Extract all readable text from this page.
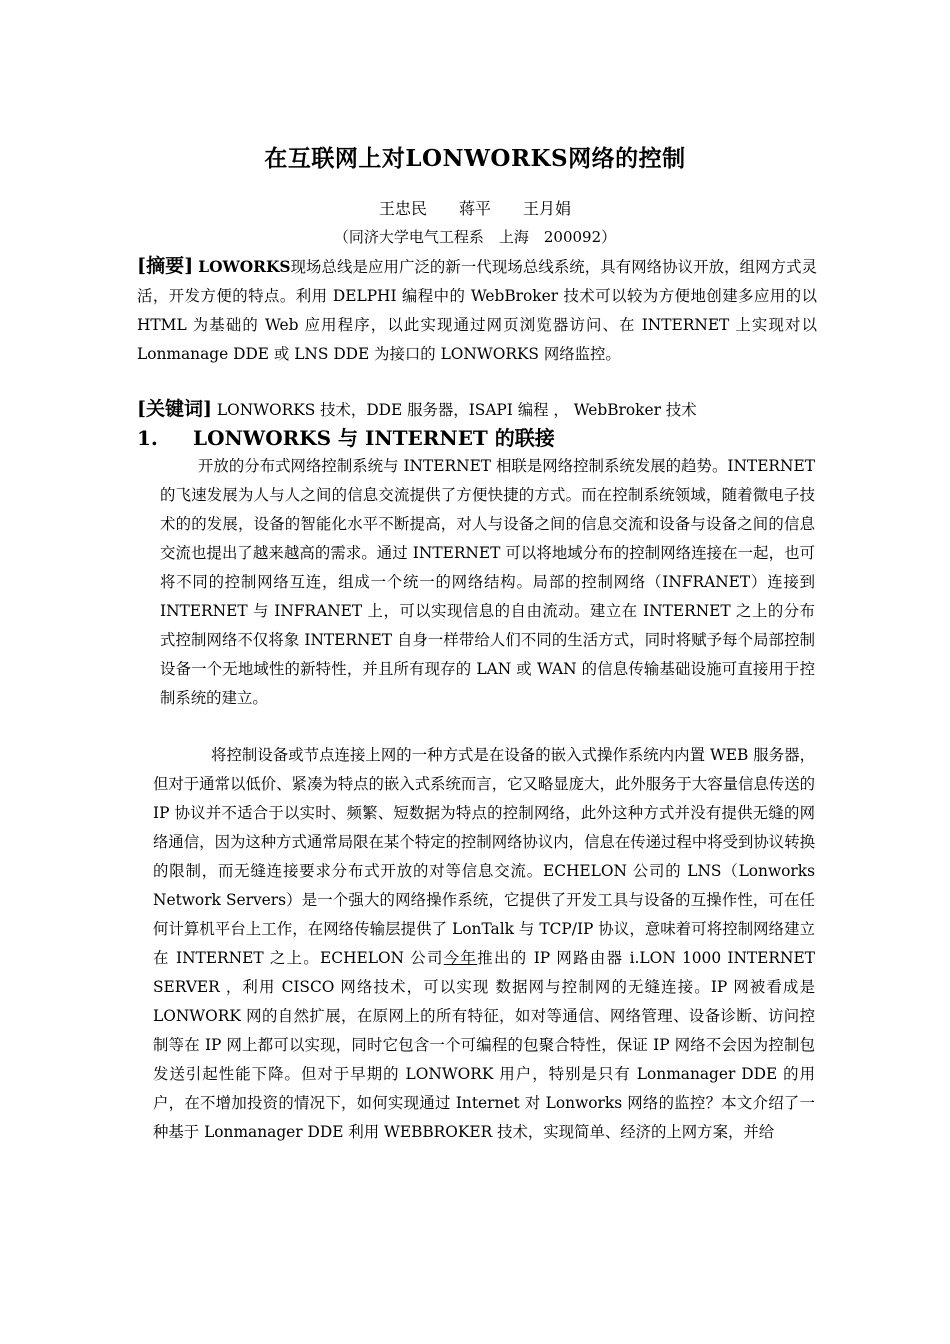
在互联网上对LONWORKS网络的控制
王忠民　　蒋平　　王月娟
（同济大学电气工程系　上海　200092）

[摘要] LOWORKS现场总线是应用广泛的新一代现场总线系统，具有网络协议开放，组网方式灵活，开发方便的特点。利用 DELPHI 编程中的 WebBroker 技术可以较为方便地创建多应用的以 HTML 为基础的 Web 应用程序，以此实现通过网页浏览器访问、在 INTERNET 上实现对以 Lonmanage DDE 或 LNS DDE 为接口的 LONWORKS 网络监控。

[关键词] LONWORKS 技术，DDE 服务器，ISAPI 编程 ， WebBroker 技术

1. LONWORKS 与 INTERNET 的联接

开放的分布式网络控制系统与 INTERNET 相联是网络控制系统发展的趋势。INTERNET 的飞速发展为人与人之间的信息交流提供了方便快捷的方式。而在控制系统领域，随着微电子技术的的发展，设备的智能化水平不断提高，对人与设备之间的信息交流和设备与设备之间的信息交流也提出了越来越高的需求。通过 INTERNET 可以将地域分布的控制网络连接在一起，也可将不同的控制网络互连，组成一个统一的网络结构。局部的控制网络（INFRANET）连接到 INTERNET 与 INFRANET 上，可以实现信息的自由流动。建立在 INTERNET 之上的分布式控制网络不仅将象 INTERNET 自身一样带给人们不同的生活方式，同时将赋予每个局部控制设备一个无地域性的新特性，并且所有现存的 LAN 或 WAN 的信息传输基础设施可直接用于控制系统的建立。

将控制设备或节点连接上网的一种方式是在设备的嵌入式操作系统内内置 WEB 服务器，但对于通常以低价、紧凑为特点的嵌入式系统而言，它又略显庞大，此外服务于大容量信息传送的 IP 协议并不适合于以实时、频繁、短数据为特点的控制网络，此外这种方式并没有提供无缝的网络通信，因为这种方式通常局限在某个特定的控制网络协议内，信息在传递过程中将受到协议转换的限制，而无缝连接要求分布式开放的对等信息交流。ECHELON 公司的 LNS（Lonworks Network Servers）是一个强大的网络操作系统，它提供了开发工具与设备的互操作性，可在任何计算机平台上工作，在网络传输层提供了 LonTalk 与 TCP/IP 协议，意味着可将控制网络建立在 INTERNET 之上。ECHELON 公司今年推出的 IP 网路由器 i.LON 1000 INTERNET SERVER ，利用 CISCO 网络技术，可以实现 数据网与控制网的无缝连接。IP 网被看成是 LONWORK 网的自然扩展，在原网上的所有特征，如对等通信、网络管理、设备诊断、访问控制等在 IP 网上都可以实现，同时它包含一个可编程的包聚合特性，保证 IP 网络不会因为控制包发送引起性能下降。但对于早期的 LONWORK 用户，特别是只有 Lonmanager DDE 的用户，在不增加投资的情况下，如何实现通过 Internet 对 Lonworks 网络的监控？本文介绍了一种基于 Lonmanager DDE 利用 WEBBROKER 技术，实现简单、经济的上网方案，并给
